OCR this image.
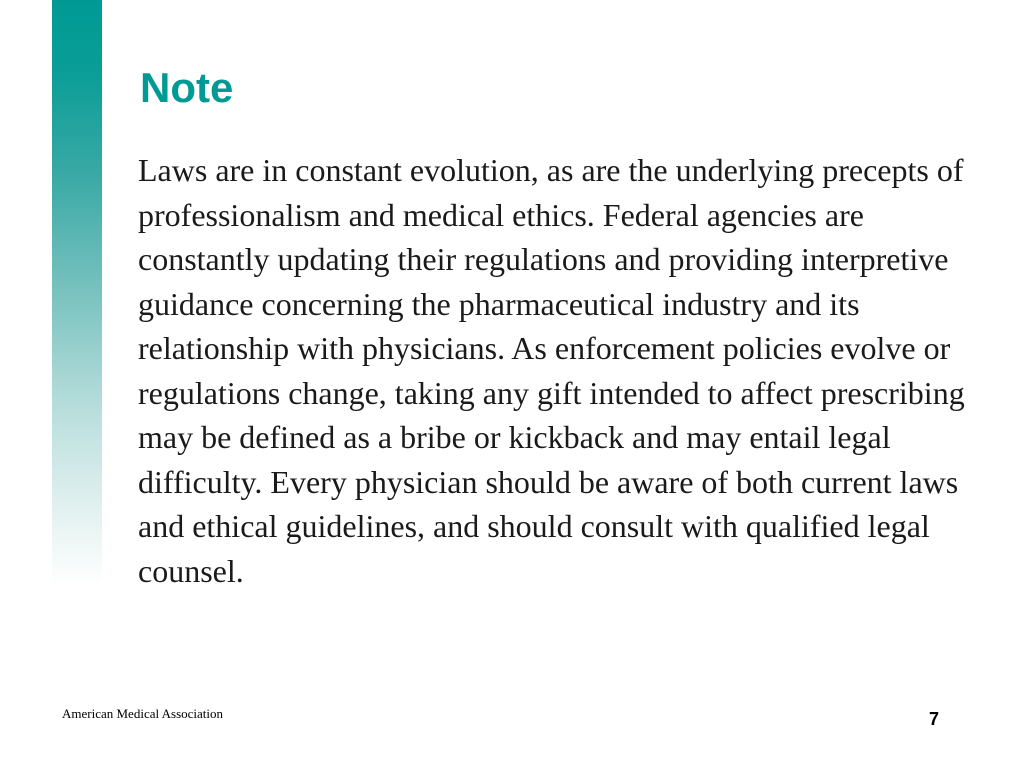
Note

Laws are in constant evolution, as are the underlying precepts of professionalism and medical ethics. Federal agencies are constantly updating their regulations and providing interpretive guidance concerning the pharmaceutical industry and its relationship with physicians. As enforcement policies evolve or regulations change, taking any gift intended to affect prescribing may be defined as a bribe or kickback and may entail legal difficulty. Every physician should be aware of both current laws and ethical guidelines, and should consult with qualified legal counsel.

American Medical Association	7
